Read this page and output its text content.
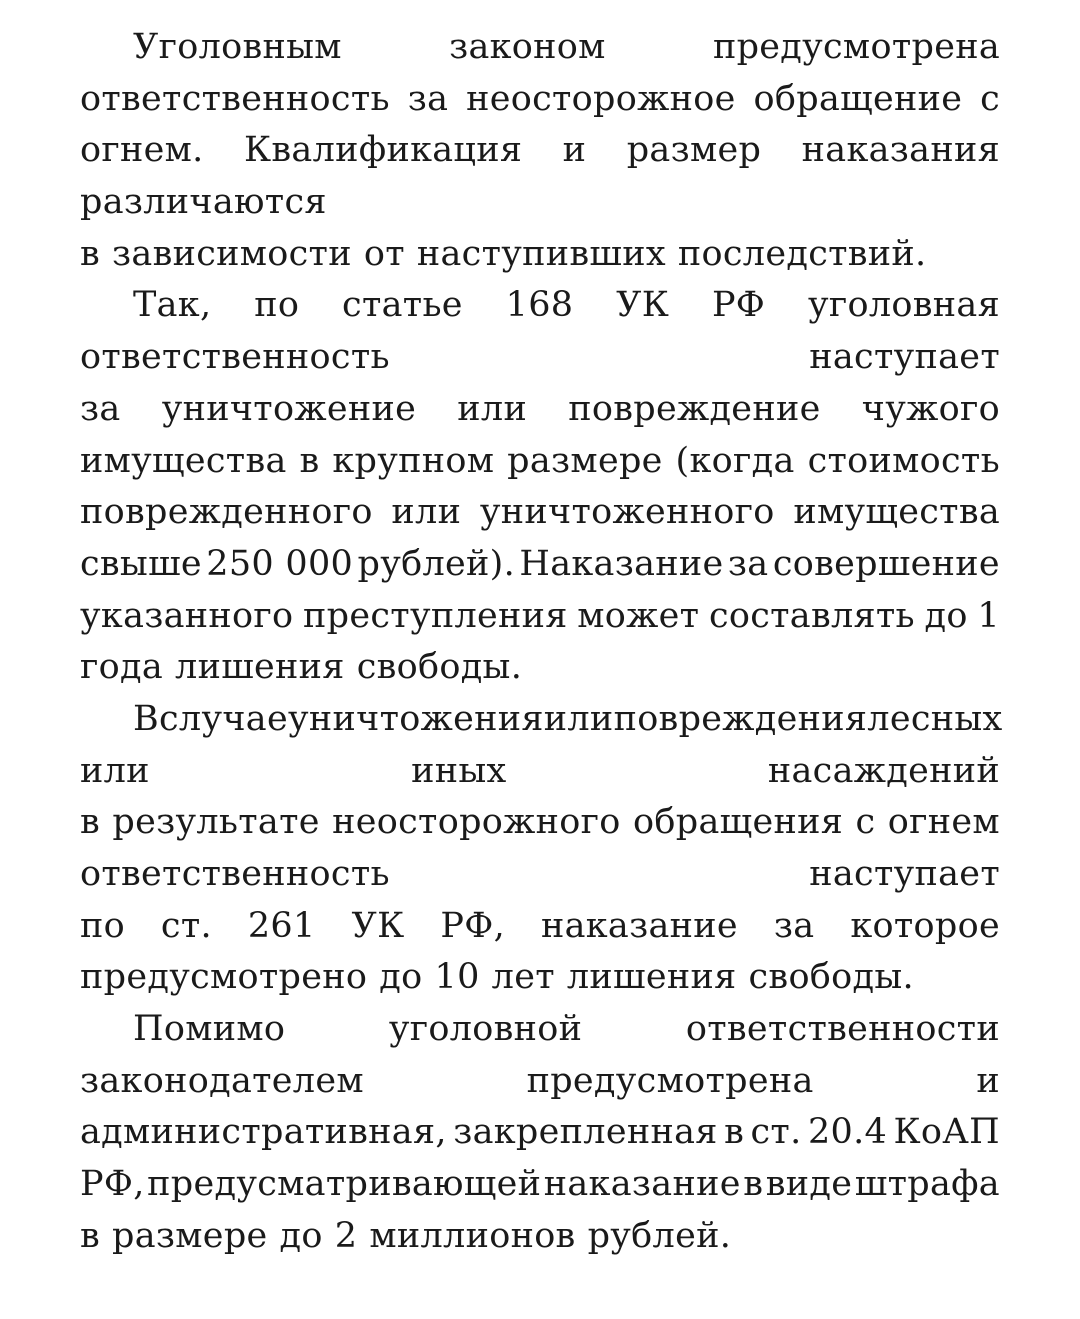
Уголовным	законом	предусмотрена
ответственность за неосторожное обращение с
огнем. Квалификация и размер наказания
различаются
в зависимости от наступивших последствий.
Так, по статье 168 УК РФ уголовная
ответственность	наступает
за уничтожение или повреждение чужого
имущества в крупном размере (когда стоимость
поврежденного или уничтоженного имущества
свыше 250 000 рублей). Наказание за совершение
указанного преступления может составлять до 1
года лишения свободы.
В случае уничтожения или повреждения лесных
или	иных	насаждений
в результате неосторожного обращения с огнем
ответственность	наступает
по ст. 261 УК РФ, наказание за которое
предусмотрено до 10 лет лишения свободы.
Помимо	уголовной	ответственности
законодателем	предусмотрена	и
административная, закрепленная в ст. 20.4 КоАП
РФ, предусматривающей наказание в виде штрафа
в размере до 2 миллионов рублей.
